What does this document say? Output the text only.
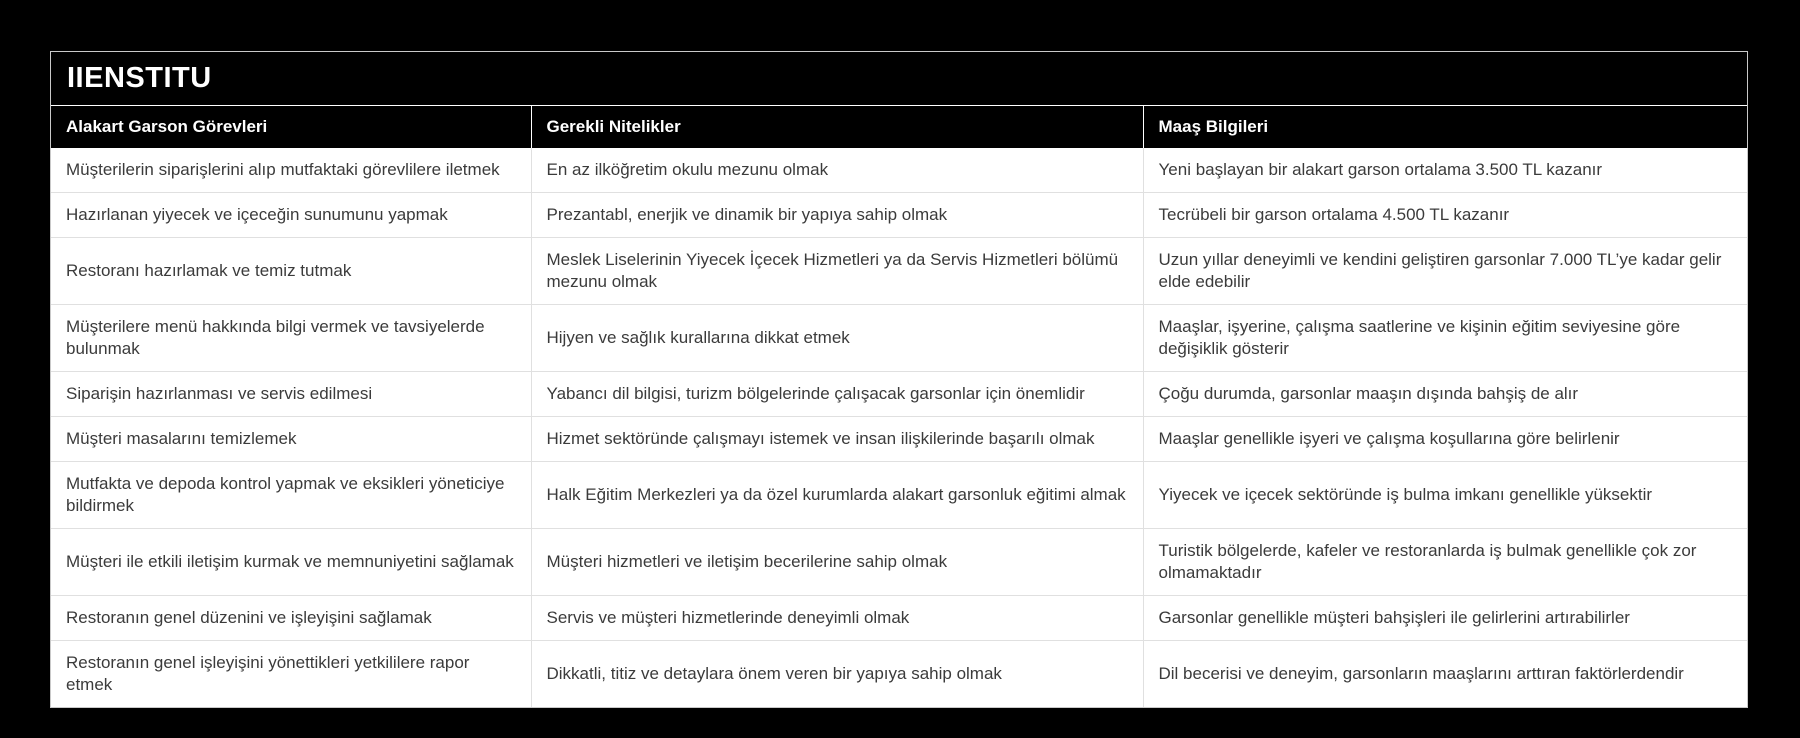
IIENSTITU
Alakart Garson Görevleri	Gerekli Nitelikler	Maaş Bilgileri
Müşterilerin siparişlerini alıp mutfaktaki görevlilere iletmek	En az ilköğretim okulu mezunu olmak	Yeni başlayan bir alakart garson ortalama 3.500 TL kazanır
Hazırlanan yiyecek ve içeceğin sunumunu yapmak	Prezantabl, enerjik ve dinamik bir yapıya sahip olmak	Tecrübeli bir garson ortalama 4.500 TL kazanır
Restoranı hazırlamak ve temiz tutmak	Meslek Liselerinin Yiyecek İçecek Hizmetleri ya da Servis Hizmetleri bölümü mezunu olmak	Uzun yıllar deneyimli ve kendini geliştiren garsonlar 7.000 TL’ye kadar gelir elde edebilir
Müşterilere menü hakkında bilgi vermek ve tavsiyelerde bulunmak	Hijyen ve sağlık kurallarına dikkat etmek	Maaşlar, işyerine, çalışma saatlerine ve kişinin eğitim seviyesine göre değişiklik gösterir
Siparişin hazırlanması ve servis edilmesi	Yabancı dil bilgisi, turizm bölgelerinde çalışacak garsonlar için önemlidir	Çoğu durumda, garsonlar maaşın dışında bahşiş de alır
Müşteri masalarını temizlemek	Hizmet sektöründe çalışmayı istemek ve insan ilişkilerinde başarılı olmak	Maaşlar genellikle işyeri ve çalışma koşullarına göre belirlenir
Mutfakta ve depoda kontrol yapmak ve eksikleri yöneticiye bildirmek	Halk Eğitim Merkezleri ya da özel kurumlarda alakart garsonluk eğitimi almak	Yiyecek ve içecek sektöründe iş bulma imkanı genellikle yüksektir
Müşteri ile etkili iletişim kurmak ve memnuniyetini sağlamak	Müşteri hizmetleri ve iletişim becerilerine sahip olmak	Turistik bölgelerde, kafeler ve restoranlarda iş bulmak genellikle çok zor olmamaktadır
Restoranın genel düzenini ve işleyişini sağlamak	Servis ve müşteri hizmetlerinde deneyimli olmak	Garsonlar genellikle müşteri bahşişleri ile gelirlerini artırabilirler
Restoranın genel işleyişini yönettikleri yetkililere rapor etmek	Dikkatli, titiz ve detaylara önem veren bir yapıya sahip olmak	Dil becerisi ve deneyim, garsonların maaşlarını arttıran faktörlerdendir
